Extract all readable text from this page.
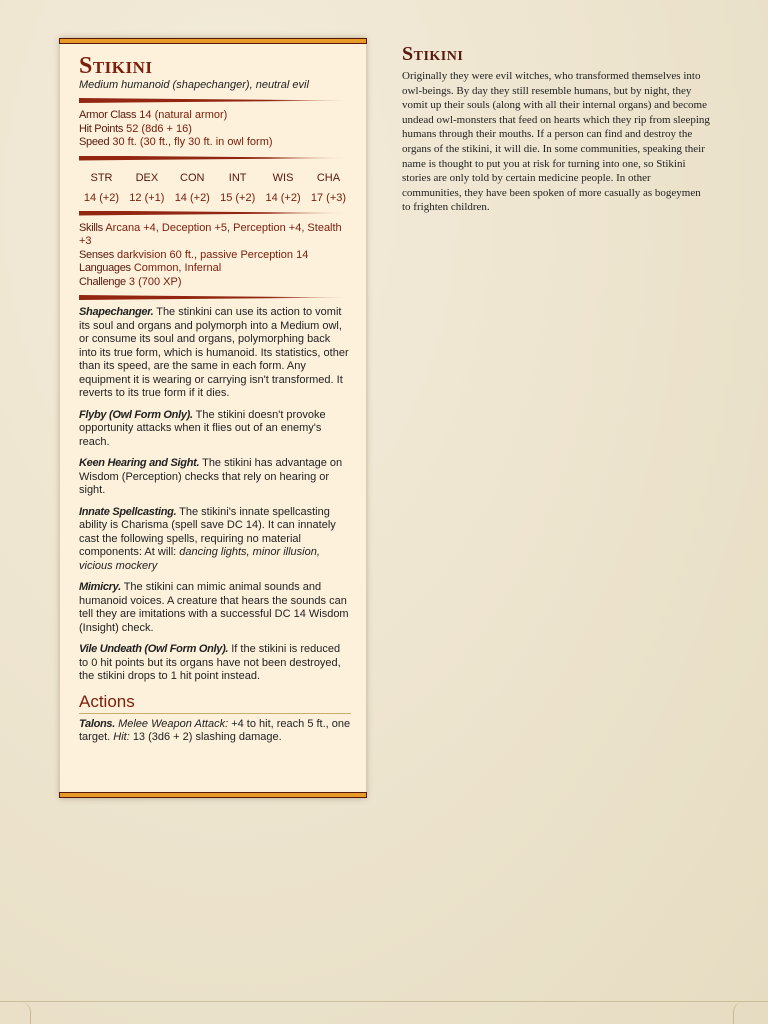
Stikini
Medium humanoid (shapechanger), neutral evil
Armor Class 14 (natural armor)
Hit Points 52 (8d6 + 16)
Speed 30 ft. (30 ft., fly 30 ft. in owl form)
STR
14 (+2)
DEX
12 (+1)
CON
14 (+2)
INT
15 (+2)
WIS
14 (+2)
CHA
17 (+3)
Skills Arcana +4, Deception +5, Perception +4, Stealth +3
Senses darkvision 60 ft., passive Perception 14
Languages Common, Infernal
Challenge 3 (700 XP)

Shapechanger. The stinkini can use its action to vomit its soul and organs and polymorph into a Medium owl, or consume its soul and organs, polymorphing back into its true form, which is humanoid. Its statistics, other than its speed, are the same in each form. Any equipment it is wearing or carrying isn't transformed. It reverts to its true form if it dies.

Flyby (Owl Form Only). The stikini doesn't provoke opportunity attacks when it flies out of an enemy's reach.

Keen Hearing and Sight. The stikini has advantage on Wisdom (Perception) checks that rely on hearing or sight.

Innate Spellcasting. The stikini's innate spellcasting ability is Charisma (spell save DC 14). It can innately cast the following spells, requiring no material components: At will: dancing lights, minor illusion, vicious mockery

Mimicry. The stikini can mimic animal sounds and humanoid voices. A creature that hears the sounds can tell they are imitations with a successful DC 14 Wisdom (Insight) check.

Vile Undeath (Owl Form Only). If the stikini is reduced to 0 hit points but its organs have not been destroyed, the stikini drops to 1 hit point instead.

Actions

Talons. Melee Weapon Attack: +4 to hit, reach 5 ft., one target. Hit: 13 (3d6 + 2) slashing damage.

Stikini

Originally they were evil witches, who transformed themselves into owl-beings. By day they still resemble humans, but by night, they vomit up their souls (along with all their internal organs) and become undead owl-monsters that feed on hearts which they rip from sleeping humans through their mouths. If a person can find and destroy the organs of the stikini, it will die. In some communities, speaking their name is thought to put you at risk for turning into one, so Stikini stories are only told by certain medicine people. In other communities, they have been spoken of more casually as bogeymen to frighten children.
